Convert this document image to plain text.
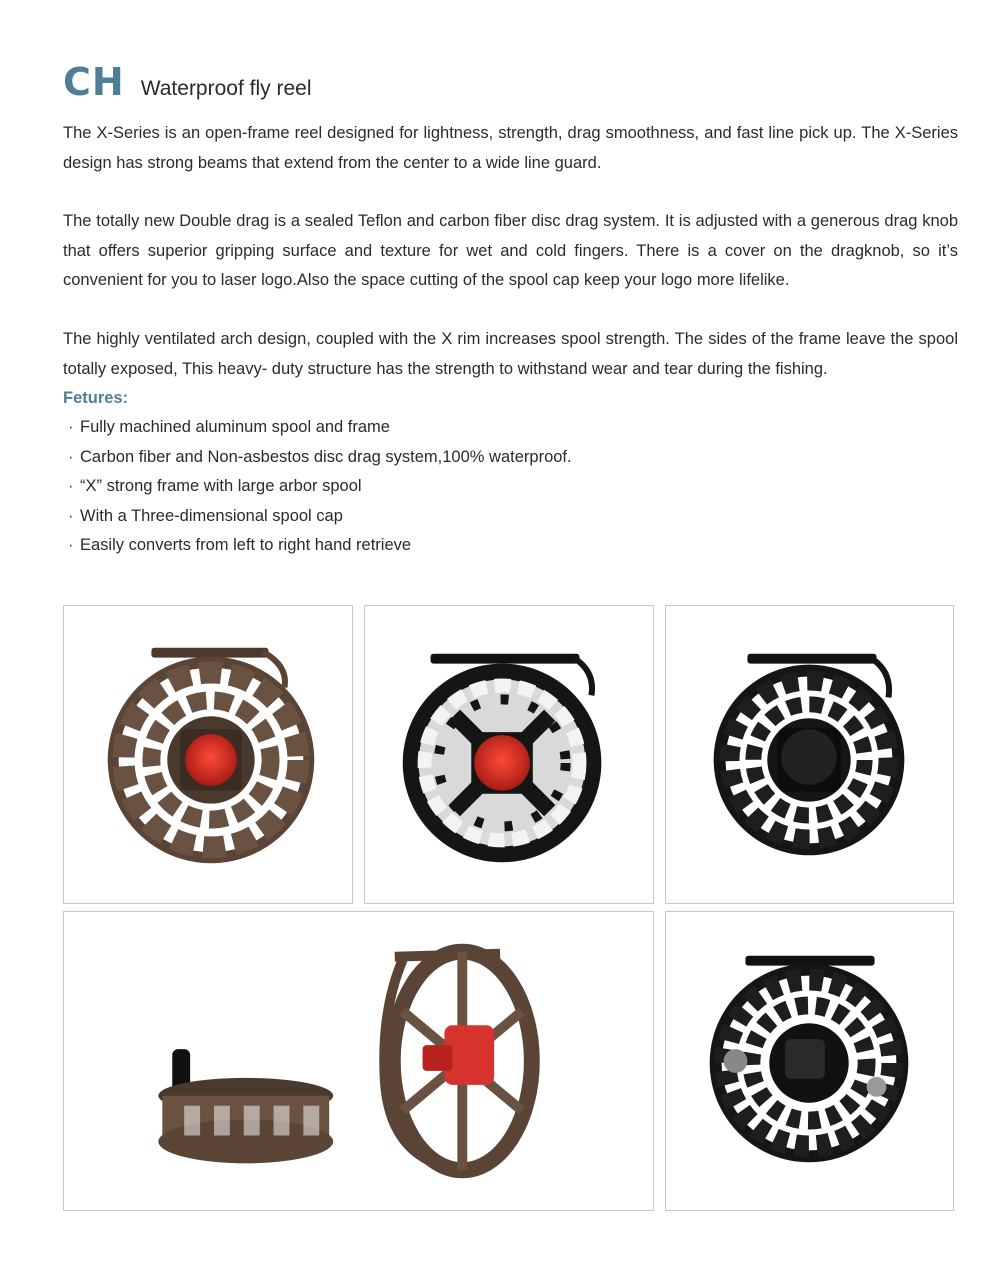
CH Waterproof fly reel
The X-Series is an open-frame reel designed for lightness, strength, drag smoothness, and fast line pick up. The X-Series design has strong beams that extend from the center to a wide line guard.
The totally new Double drag is a sealed Teflon and carbon fiber disc drag system. It is adjusted with a generous drag knob that offers superior gripping surface and texture for wet and cold fingers. There is a cover on the dragknob, so it’s convenient for you to laser logo.Also the space cutting of the spool cap keep your logo more lifelike.
The highly ventilated arch design, coupled with the X rim increases spool strength. The sides of the frame leave the spool totally exposed, This heavy- duty structure has the strength to withstand wear and tear during the fishing.
Fetures:
· Fully machined aluminum spool and frame
· Carbon fiber and Non-asbestos disc drag system,100% waterproof.
· “X” strong frame with large arbor spool
· With a Three-dimensional spool cap
· Easily converts from left to right hand retrieve
